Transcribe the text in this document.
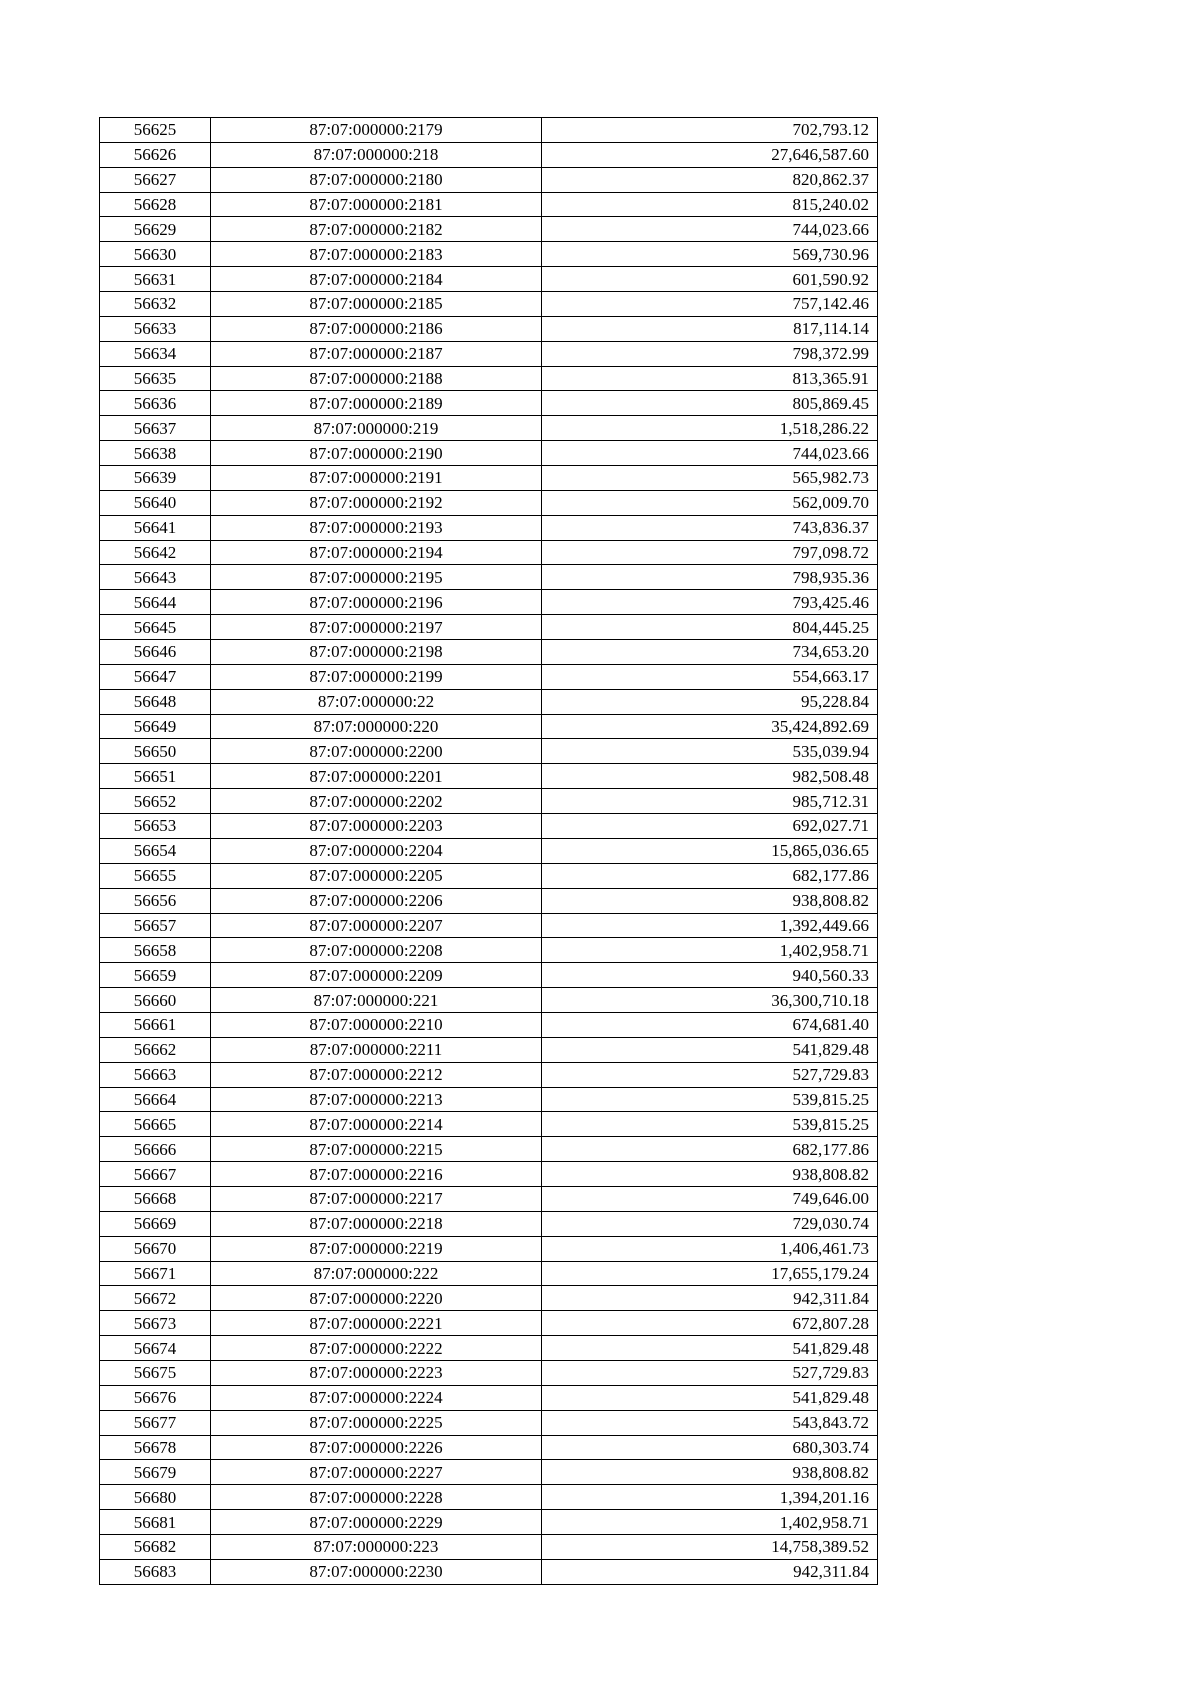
56625	87:07:000000:2179	702,793.12
56626	87:07:000000:218	27,646,587.60
56627	87:07:000000:2180	820,862.37
56628	87:07:000000:2181	815,240.02
56629	87:07:000000:2182	744,023.66
56630	87:07:000000:2183	569,730.96
56631	87:07:000000:2184	601,590.92
56632	87:07:000000:2185	757,142.46
56633	87:07:000000:2186	817,114.14
56634	87:07:000000:2187	798,372.99
56635	87:07:000000:2188	813,365.91
56636	87:07:000000:2189	805,869.45
56637	87:07:000000:219	1,518,286.22
56638	87:07:000000:2190	744,023.66
56639	87:07:000000:2191	565,982.73
56640	87:07:000000:2192	562,009.70
56641	87:07:000000:2193	743,836.37
56642	87:07:000000:2194	797,098.72
56643	87:07:000000:2195	798,935.36
56644	87:07:000000:2196	793,425.46
56645	87:07:000000:2197	804,445.25
56646	87:07:000000:2198	734,653.20
56647	87:07:000000:2199	554,663.17
56648	87:07:000000:22	95,228.84
56649	87:07:000000:220	35,424,892.69
56650	87:07:000000:2200	535,039.94
56651	87:07:000000:2201	982,508.48
56652	87:07:000000:2202	985,712.31
56653	87:07:000000:2203	692,027.71
56654	87:07:000000:2204	15,865,036.65
56655	87:07:000000:2205	682,177.86
56656	87:07:000000:2206	938,808.82
56657	87:07:000000:2207	1,392,449.66
56658	87:07:000000:2208	1,402,958.71
56659	87:07:000000:2209	940,560.33
56660	87:07:000000:221	36,300,710.18
56661	87:07:000000:2210	674,681.40
56662	87:07:000000:2211	541,829.48
56663	87:07:000000:2212	527,729.83
56664	87:07:000000:2213	539,815.25
56665	87:07:000000:2214	539,815.25
56666	87:07:000000:2215	682,177.86
56667	87:07:000000:2216	938,808.82
56668	87:07:000000:2217	749,646.00
56669	87:07:000000:2218	729,030.74
56670	87:07:000000:2219	1,406,461.73
56671	87:07:000000:222	17,655,179.24
56672	87:07:000000:2220	942,311.84
56673	87:07:000000:2221	672,807.28
56674	87:07:000000:2222	541,829.48
56675	87:07:000000:2223	527,729.83
56676	87:07:000000:2224	541,829.48
56677	87:07:000000:2225	543,843.72
56678	87:07:000000:2226	680,303.74
56679	87:07:000000:2227	938,808.82
56680	87:07:000000:2228	1,394,201.16
56681	87:07:000000:2229	1,402,958.71
56682	87:07:000000:223	14,758,389.52
56683	87:07:000000:2230	942,311.84
